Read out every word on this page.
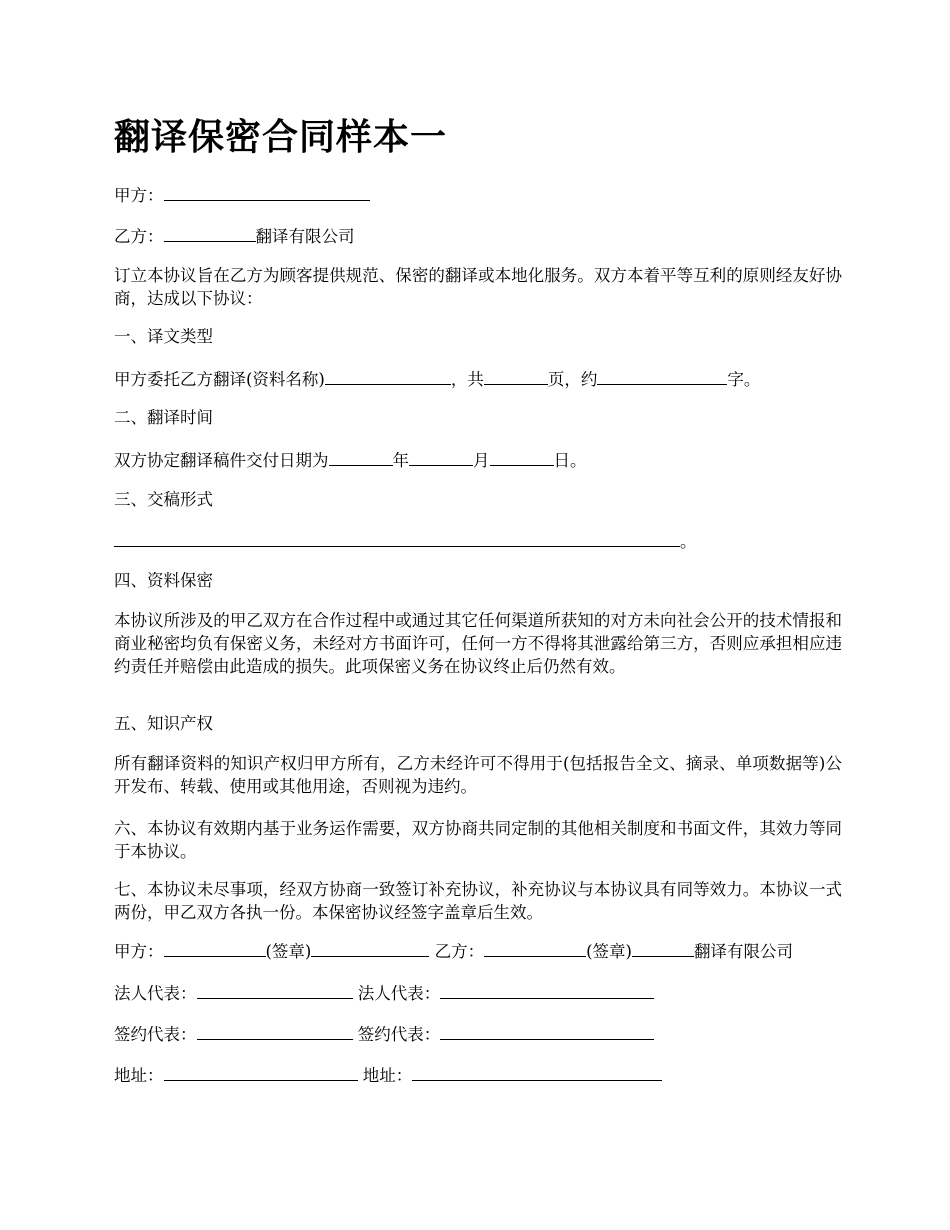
翻译保密合同样本一
甲方：
乙方：	翻译有限公司

订立本协议旨在乙方为顾客提供规范、保密的翻译或本地化服务。双方本着平等互利的原则经友好协商，达成以下协议：

一、译文类型
甲方委托乙方翻译(资料名称)	，共	页，约	字。
二、翻译时间
双方协定翻译稿件交付日期为	年	月	日。
三、交稿形式
。
四、资料保密

本协议所涉及的甲乙双方在合作过程中或通过其它任何渠道所获知的对方未向社会公开的技术情报和商业秘密均负有保密义务，未经对方书面许可，任何一方不得将其泄露给第三方，否则应承担相应违约责任并赔偿由此造成的损失。此项保密义务在协议终止后仍然有效。

五、知识产权

所有翻译资料的知识产权归甲方所有，乙方未经许可不得用于(包括报告全文、摘录、单项数据等)公开发布、转载、使用或其他用途，否则视为违约。

六、本协议有效期内基于业务运作需要，双方协商共同定制的其他相关制度和书面文件，其效力等同于本协议。

七、本协议未尽事项，经双方协商一致签订补充协议，补充协议与本协议具有同等效力。本协议一式两份，甲乙双方各执一份。本保密协议经签字盖章后生效。

甲方：	(签章)	乙方：	(签章)	翻译有限公司
法人代表：	法人代表：
签约代表：	签约代表：
地址：	地址：
